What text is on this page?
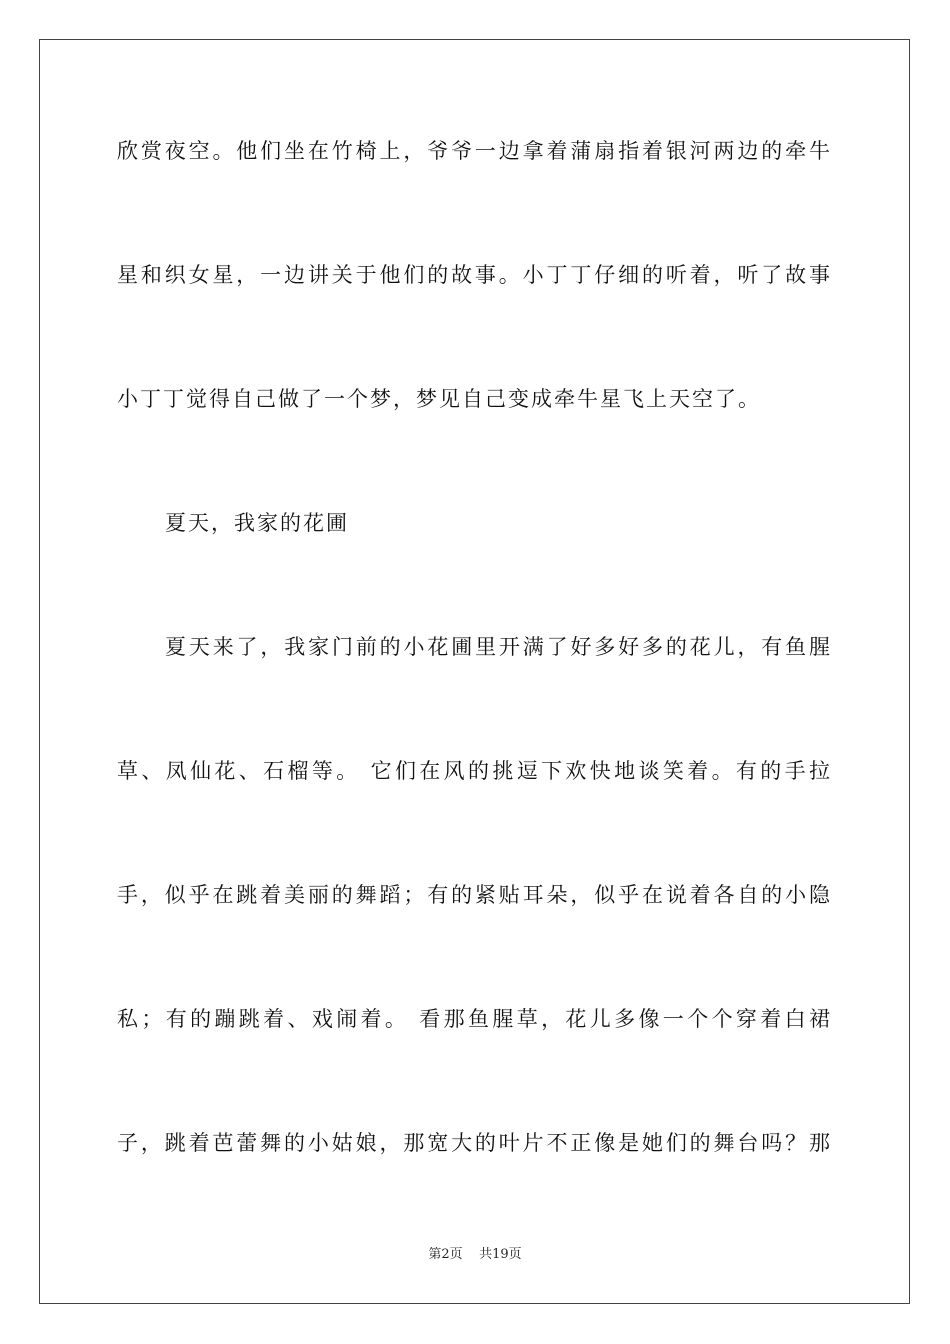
欣赏夜空。他们坐在竹椅上，爷爷一边拿着蒲扇指着银河两边的牵牛
星和织女星，一边讲关于他们的故事。小丁丁仔细的听着，听了故事
小丁丁觉得自己做了一个梦，梦见自己变成牵牛星飞上天空了。
夏天，我家的花圃
夏天来了，我家门前的小花圃里开满了好多好多的花儿，有鱼腥
草、凤仙花、石榴等。 它们在风的挑逗下欢快地谈笑着。有的手拉
手，似乎在跳着美丽的舞蹈；有的紧贴耳朵，似乎在说着各自的小隐
私；有的蹦跳着、戏闹着。 看那鱼腥草，花儿多像一个个穿着白裙
子，跳着芭蕾舞的小姑娘，那宽大的叶片不正像是她们的舞台吗？那
第2页 共19页
